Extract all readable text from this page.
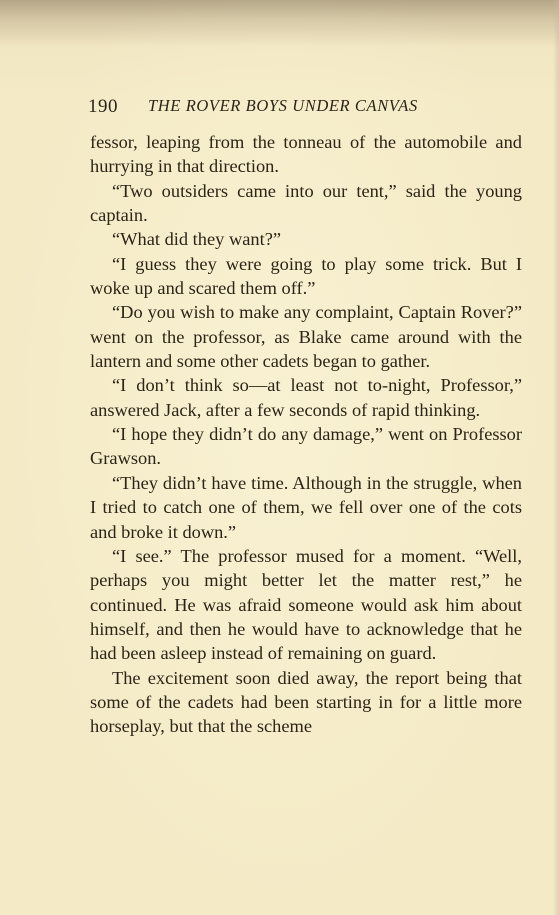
190 THE ROVER BOYS UNDER CANVAS

fessor, leaping from the tonneau of the automobile and hurrying in that direction.

“Two outsiders came into our tent,” said the young captain.

“What did they want?”

“I guess they were going to play some trick. But I woke up and scared them off.”

“Do you wish to make any complaint, Captain Rover?” went on the professor, as Blake came around with the lantern and some other cadets began to gather.

“I don’t think so—at least not to-night, Professor,” answered Jack, after a few seconds of rapid thinking.

“I hope they didn’t do any damage,” went on Professor Grawson.

“They didn’t have time. Although in the struggle, when I tried to catch one of them, we fell over one of the cots and broke it down.”

“I see.” The professor mused for a moment. “Well, perhaps you might better let the matter rest,” he continued. He was afraid someone would ask him about himself, and then he would have to acknowledge that he had been asleep instead of remaining on guard.

The excitement soon died away, the report being that some of the cadets had been starting in for a little more horseplay, but that the scheme
